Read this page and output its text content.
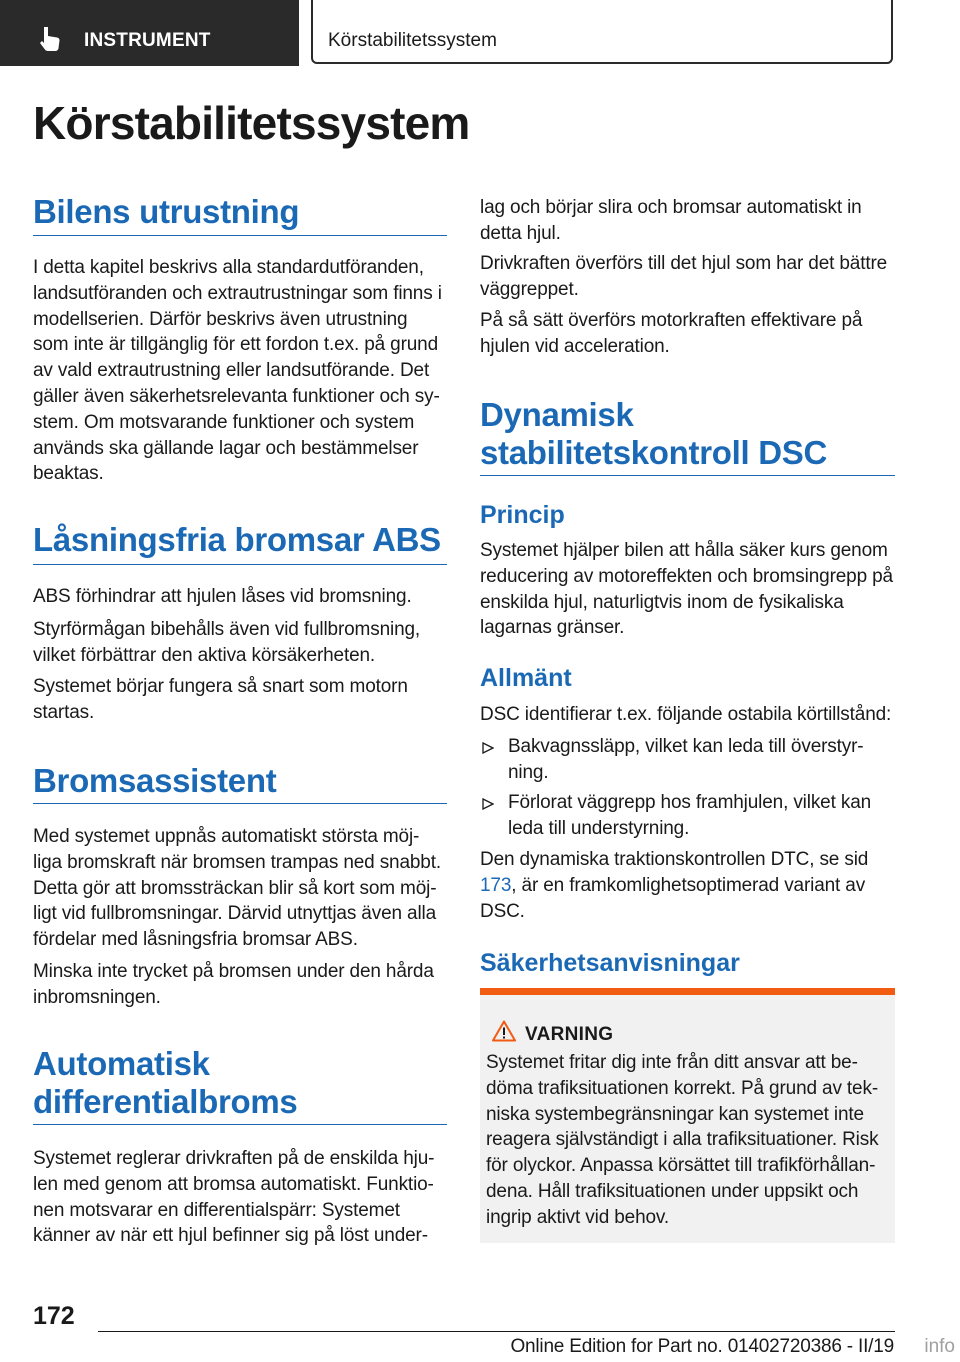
INSTRUMENT	Körstabilitetssystem
Körstabilitetssystem
Bilens utrustning

I detta kapitel beskrivs alla standardutföranden, landsutföranden och extrautrustningar som finns i modellserien. Därför beskrivs även utrustning som inte är tillgänglig för ett fordon t.ex. på grund av vald extrautrustning eller landsutförande. Det gäller även säkerhetsrelevanta funktioner och sy‐ stem. Om motsvarande funktioner och system används ska gällande lagar och bestämmelser beaktas.

Låsningsfria bromsar ABS

ABS förhindrar att hjulen låses vid bromsning.

Styrförmågan bibehålls även vid fullbromsning, vilket förbättrar den aktiva körsäkerheten.

Systemet börjar fungera så snart som motorn startas.

Bromsassistent

Med systemet uppnås automatiskt största möj‐ liga bromskraft när bromsen trampas ned snabbt. Detta gör att bromssträckan blir så kort som möj‐ ligt vid fullbromsningar. Därvid utnyttjas även alla fördelar med låsningsfria bromsar ABS.

Minska inte trycket på bromsen under den hårda inbromsningen.

Automatisk
differentialbroms

Systemet reglerar drivkraften på de enskilda hju‐ len med genom att bromsa automatiskt. Funktio‐ nen motsvarar en differentialspärr: Systemet känner av när ett hjul befinner sig på löst under‐

lag och börjar slira och bromsar automatiskt in detta hjul.

Drivkraften överförs till det hjul som har det bättre väggreppet.

På så sätt överförs motorkraften effektivare på hjulen vid acceleration.

Dynamisk
stabilitetskontroll DSC
Princip

Systemet hjälper bilen att hålla säker kurs genom reducering av motoreffekten och bromsingrepp på enskilda hjul, naturligtvis inom de fysikaliska lagarnas gränser.

Allmänt

DSC identifierar t.ex. följande ostabila körtillstånd:

Bakvagnssläpp, vilket kan leda till överstyr‐ ning.

Förlorat väggrepp hos framhjulen, vilket kan leda till understyrning.

Den dynamiska traktionskontrollen DTC, se sid 173, är en framkomlighetsoptimerad variant av DSC.

Säkerhetsanvisningar
VARNING

Systemet fritar dig inte från ditt ansvar att be‐ döma trafiksituationen korrekt. På grund av tek‐ niska systembegränsningar kan systemet inte reagera självständigt i alla trafiksituationer. Risk för olyckor. Anpassa körsättet till trafikförhållan‐ dena. Håll trafiksituationen under uppsikt och ingrip aktivt vid behov.

172
Online Edition for Part no. 01402720386 - II/19 info
